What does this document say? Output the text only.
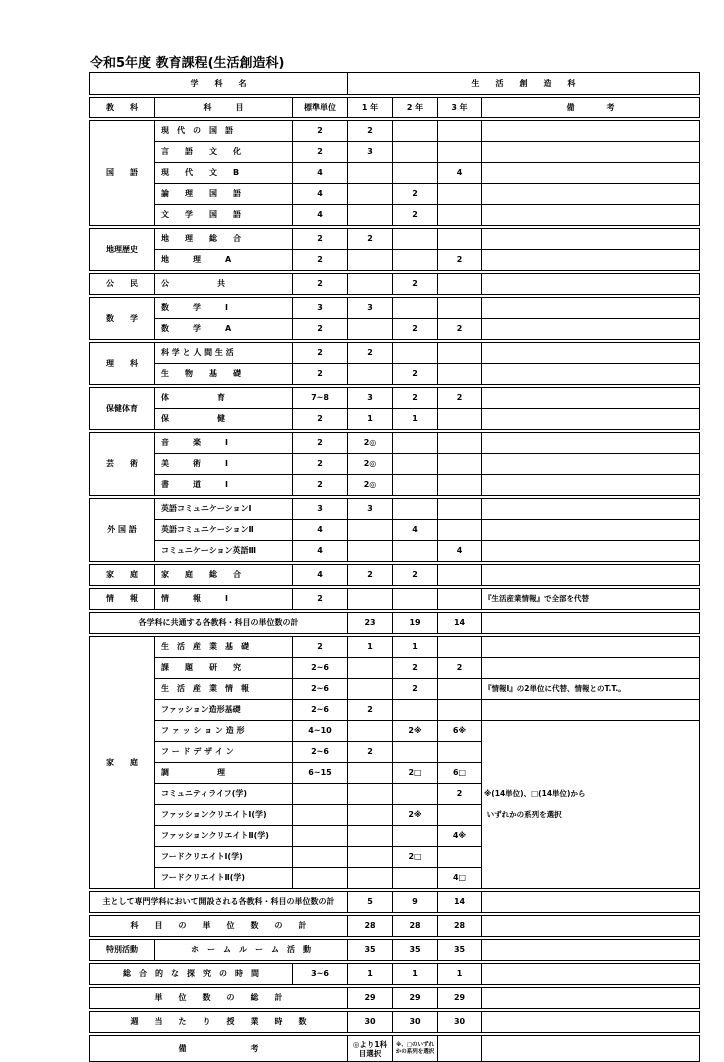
令和5年度 教育課程(生活創造科)
学　　科　　名			生　　活　　創　　造　　科			

教　　科	科　　　目	標準単位	1 年	2 年	3 年	備　　　　考

国　　語	現　代　の　国　語	2	2			
	言　　語　　文　　化	2	3			
	現　　代　　文　　B	4			4	
	論　　理　　国　　語	4		2		
	文　　学　　国　　語	4		2		

地理歴史	地　　理　　総　　合	2	2			
	地　　　理　　　A	2			2	

公　　民	公　　　　　　共	2		2		

数　　学	数　　　学　　　I	3	3			
	数　　　学　　　A	2		2	2	

理　　科	科 学 と 人 間 生 活	2	2			
	生　　物　　基　　礎	2		2		

保健体育	体　　　　　　育	7~8	3	2	2	
	保　　　　　　健	2	1	1		

芸　　術	音　　　楽　　　I	2	2◎			
	美　　　術　　　I	2	2◎			
	書　　　道　　　I	2	2◎			

外 国 語	英語コミュニケーションⅠ	3	3			
	英語コミュニケーションⅡ	4		4		
	コミュニケーション英語Ⅲ	4			4	

家　　庭	家　　庭　　総　　合	4	2	2		

情　　報	情　　　報　　　I	2				『生活産業情報』で全部を代替

各学科に共通する各教科・科目の単位数の計			23	19	14	

家　　庭	生　活　産　業　基　礎	2	1	1		
	課　　題　　研　　究	2~6		2	2	
	生　活　産　業　情　報	2~6		2		『情報Ⅰ』の2単位に代替、情報とのT.T.。
	ファッション造形基礎	2~6	2			
	フ ァ ッ シ ョ ン 造 形	4~10		2※	6※	
	フ ー ド デ ザ イ ン	2~6	2			
	調　　　　　　理	6~15		2□	6□	
	コミュニティライフ(学)				2	※(14単位)、□(14単位)から
	ファッションクリエイトⅠ(学)			2※		いずれかの系列を選択
	ファッションクリエイトⅡ(学)				4※	
	フードクリエイトⅠ(学)			2□		
	フードクリエイトⅡ(学)				4□	

主として専門学科において開設される各教科・科目の単位数の計			5	9	14	

科　　目　　の　　単　　位　　数　　の　　計			28	28	28	

特別活動	ホ　ー　ム　ル　ー　ム　活　動		35	35	35	

総　合　的　な　探　究　の　時　間		3~6	1	1	1	

単　　位　　数　　の　　総　　計			29	29	29	

週　　当　　た　　り　　授　　業　　時　　数			30	30	30	

備　　　　　　　　考			◎より1科目選択	※、□のいずれかの系列を選択		
